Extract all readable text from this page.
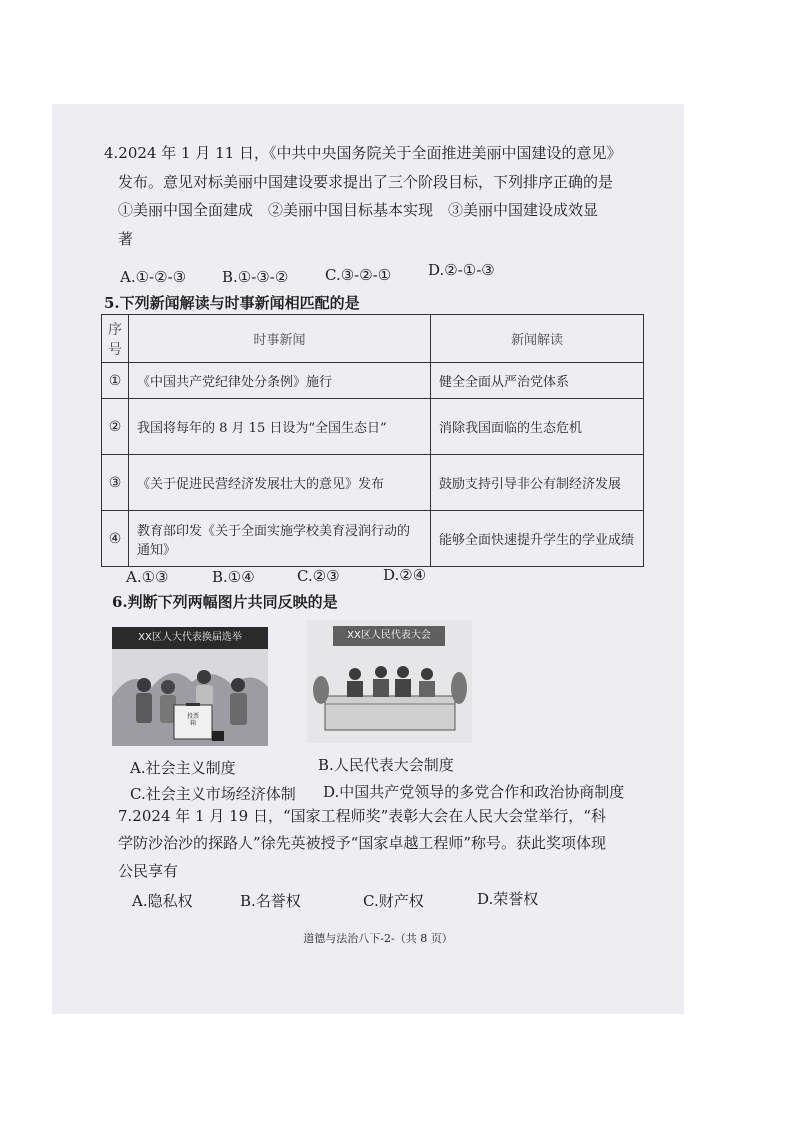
4.2024 年 1 月 11 日，《中共中央国务院关于全面推进美丽中国建设的意见》
发布。意见对标美丽中国建设要求提出了三个阶段目标，下列排序正确的是
①美丽中国全面建成　②美丽中国目标基本实现　③美丽中国建设成效显
著
A.①-②-③ B.①-③-② C.③-②-① D.②-①-③
5.下列新闻解读与时事新闻相匹配的是
序号	时事新闻	新闻解读
①	《中国共产党纪律处分条例》施行	健全全面从严治党体系
②	我国将每年的 8 月 15 日设为“全国生态日”	消除我国面临的生态危机
③	《关于促进民营经济发展壮大的意见》发布	鼓励支持引导非公有制经济发展
④	教育部印发《关于全面实施学校美育浸润行动的通知》	能够全面快速提升学生的学业成绩
A.①③	B.①④	C.②③	D.②④
6.判断下列两幅图片共同反映的是
XX区人大代表换届选举
投票箱
XX区人民代表大会
A.社会主义制度	B.人民代表大会制度
C.社会主义市场经济体制 D.中国共产党领导的多党合作和政治协商制度
7.2024 年 1 月 19 日，“国家工程师奖”表彰大会在人民大会堂举行，“科
学防沙治沙的探路人”徐先英被授予“国家卓越工程师”称号。获此奖项体现
公民享有
A.隐私权	B.名誉权	C.财产权	D.荣誉权
道德与法治八下-2-（共 8 页）
